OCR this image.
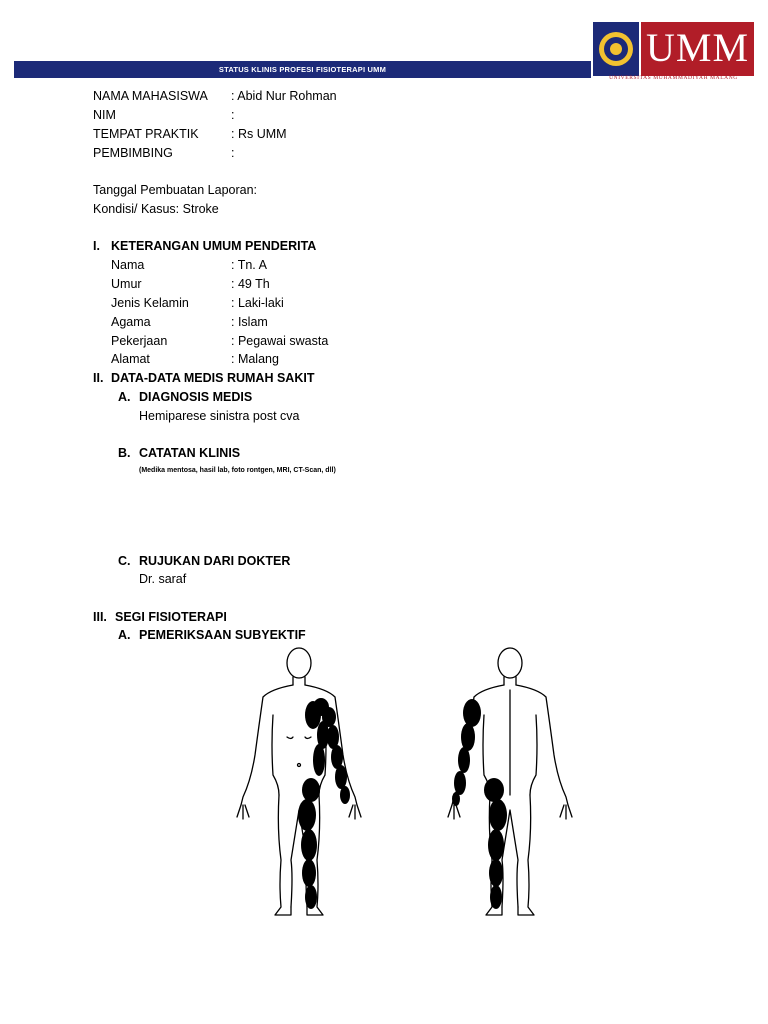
STATUS KLINIS PROFESI FISIOTERAPI UMM	UMM
UNIVERSITAS MUHAMMADIYAH MALANG
NAMA MAHASISWA : Abid Nur Rohman
NIM	:
TEMPAT PRAKTIK	: Rs UMM
PEMBIMBING	:
Tanggal Pembuatan Laporan:
Kondisi/ Kasus: Stroke
I. KETERANGAN UMUM PENDERITA
Nama	: Tn. A
Umur	: 49 Th
Jenis Kelamin	: Laki-laki
Agama	: Islam
Pekerjaan	: Pegawai swasta
Alamat	: Malang
II. DATA-DATA MEDIS RUMAH SAKIT
A. DIAGNOSIS MEDIS
Hemiparese sinistra post cva
B. CATATAN KLINIS
(Medika mentosa, hasil lab, foto rontgen, MRI, CT-Scan, dll)
C. RUJUKAN DARI DOKTER
Dr. saraf
III. SEGI FISIOTERAPI
A. PEMERIKSAAN SUBYEKTIF
